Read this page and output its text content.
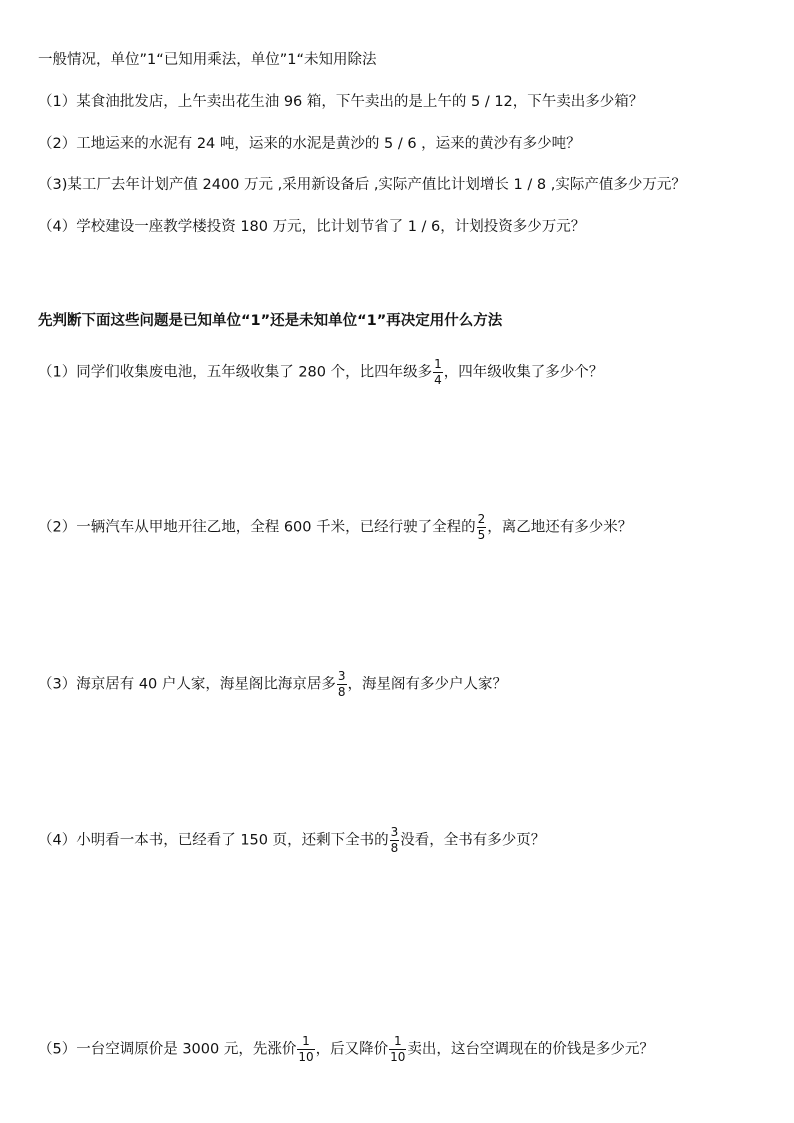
一般情况，单位”1“已知用乘法，单位”1“未知用除法
（1）某食油批发店，上午卖出花生油 96 箱，下午卖出的是上午的 5 / 12，下午卖出多少箱？
（2）工地运来的水泥有 24 吨，运来的水泥是黄沙的 5 / 6 ，运来的黄沙有多少吨？
（3)某工厂去年计划产值 2400 万元 ,采用新设备后 ,实际产值比计划增长 1 / 8 ,实际产值多少万元？
（4）学校建设一座教学楼投资 180 万元，比计划节省了 1 / 6，计划投资多少万元？
先判断下面这些问题是已知单位“1”还是未知单位“1”再决定用什么方法
（1）同学们收集废电池，五年级收集了 280 个，比四年级多 $\frac{1}{4}$ ，四年级收集了多少个？
（2）一辆汽车从甲地开往乙地，全程 600 千米，已经行驶了全程的 $\frac{2}{5}$ ，离乙地还有多少米？
（3）海京居有 40 户人家，海星阁比海京居多 $\frac{3}{8}$ ，海星阁有多少户人家？
（4）小明看一本书，已经看了 150 页，还剩下全书的 $\frac{3}{8}$ 没看，全书有多少页？
（5）一台空调原价是 3000 元，先涨价 $\frac{1}{10}$ ，后又降价 $\frac{1}{10}$ 卖出，这台空调现在的价钱是多少元？
